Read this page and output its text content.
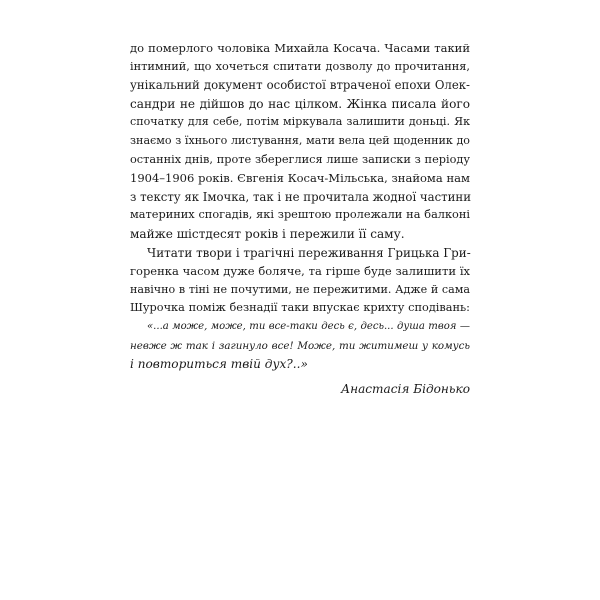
до померлого чоловіка Михайла Косача. Часами такий
інтимний, що хочеться спитати дозволу до прочитання,
унікальний документ особистої втраченої епохи Олек-
сандри не дійшов до нас цілком. Жінка писала його
спочатку для себе, потім міркувала залишити доньці. Як
знаємо з їхнього листування, мати вела цей щоденник до
останніх днів, проте збереглися лише записки з періоду
1904–1906 років. Євгенія Косач-Мільська, знайома нам
з тексту як Імочка, так і не прочитала жодної частини
материних спогадів, які зрештою пролежали на балконі
майже шістдесят років і пережили її саму.
Читати твори і трагічні переживання Грицька Гри-
горенка часом дуже боляче, та гірше буде залишити їх
навічно в тіні не почутими, не пережитими. Адже й сама
Шурочка поміж безнадії таки впускає крихту сподівань:
«...а може, може, ти все-таки десь є, десь... душа твоя —
невже ж так і загинуло все! Може, ти житимеш у комусь
і повториться твій дух?..»
Анастасія Бідонько
